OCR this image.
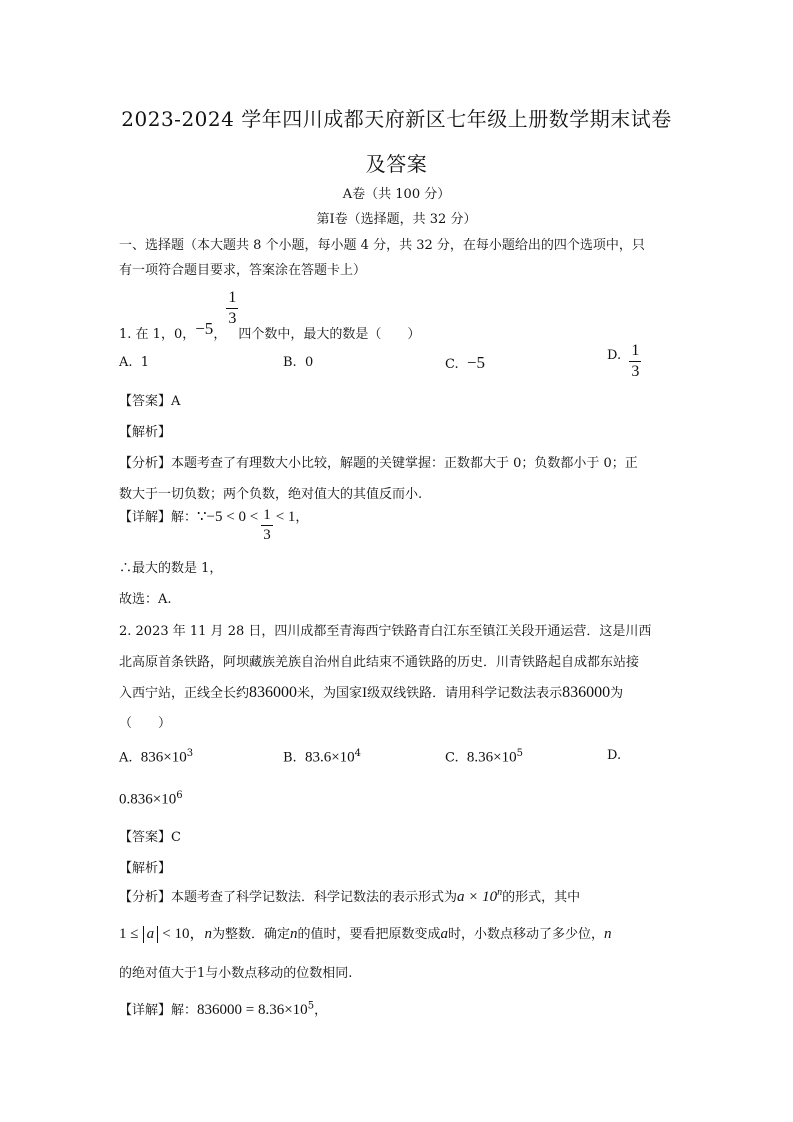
2023-2024 学年四川成都天府新区七年级上册数学期末试卷
及答案
A卷（共 100 分）
第Ⅰ卷（选择题，共 32 分）
一、选择题（本大题共 8 个小题，每小题 4 分，共 32 分，在每小题给出的四个选项中，只
有一项符合题目要求，答案涂在答题卡上）
1. 在 1，0，−5，
$\frac{1}{3}$
四个数中，最大的数是（　　）
A. 1	B. 0	C. −5	D. $\frac{1}{3}$
【答案】A
【解析】
【分析】本题考查了有理数大小比较，解题的关键掌握：正数都大于 0；负数都小于 0；正
数大于一切负数；两个负数，绝对值大的其值反而小.
【详解】解：∵−5 < $0 < \frac{1}{3} < 1$，
∴最大的数是 1，
故选：A.
2. 2023 年 11 月 28 日，四川成都至青海西宁铁路青白江东至镇江关段开通运营．这是川西
北高原首条铁路，阿坝藏族羌族自治州自此结束不通铁路的历史．川青铁路起自成都东站接
入西宁站，正线全长约836000米，为国家Ⅰ级双线铁路．请用科学记数法表示836000为
（　　）
A. $836\times 10^3$	B. $83.6\times 10^4$	C. $8.36\times 10^5$	D.
$0.836\times 10^6$
【答案】C
【解析】
【分析】本题考查了科学记数法．科学记数法的表示形式为$a \times 10^n$的形式，其中
1 ≤ a < 10，n为整数．确定n的值时，要看把原数变成a时，小数点移动了多少位，n
的绝对值大于1与小数点移动的位数相同.
【详解】解：$836000 = 8.36\times 10^5$，
